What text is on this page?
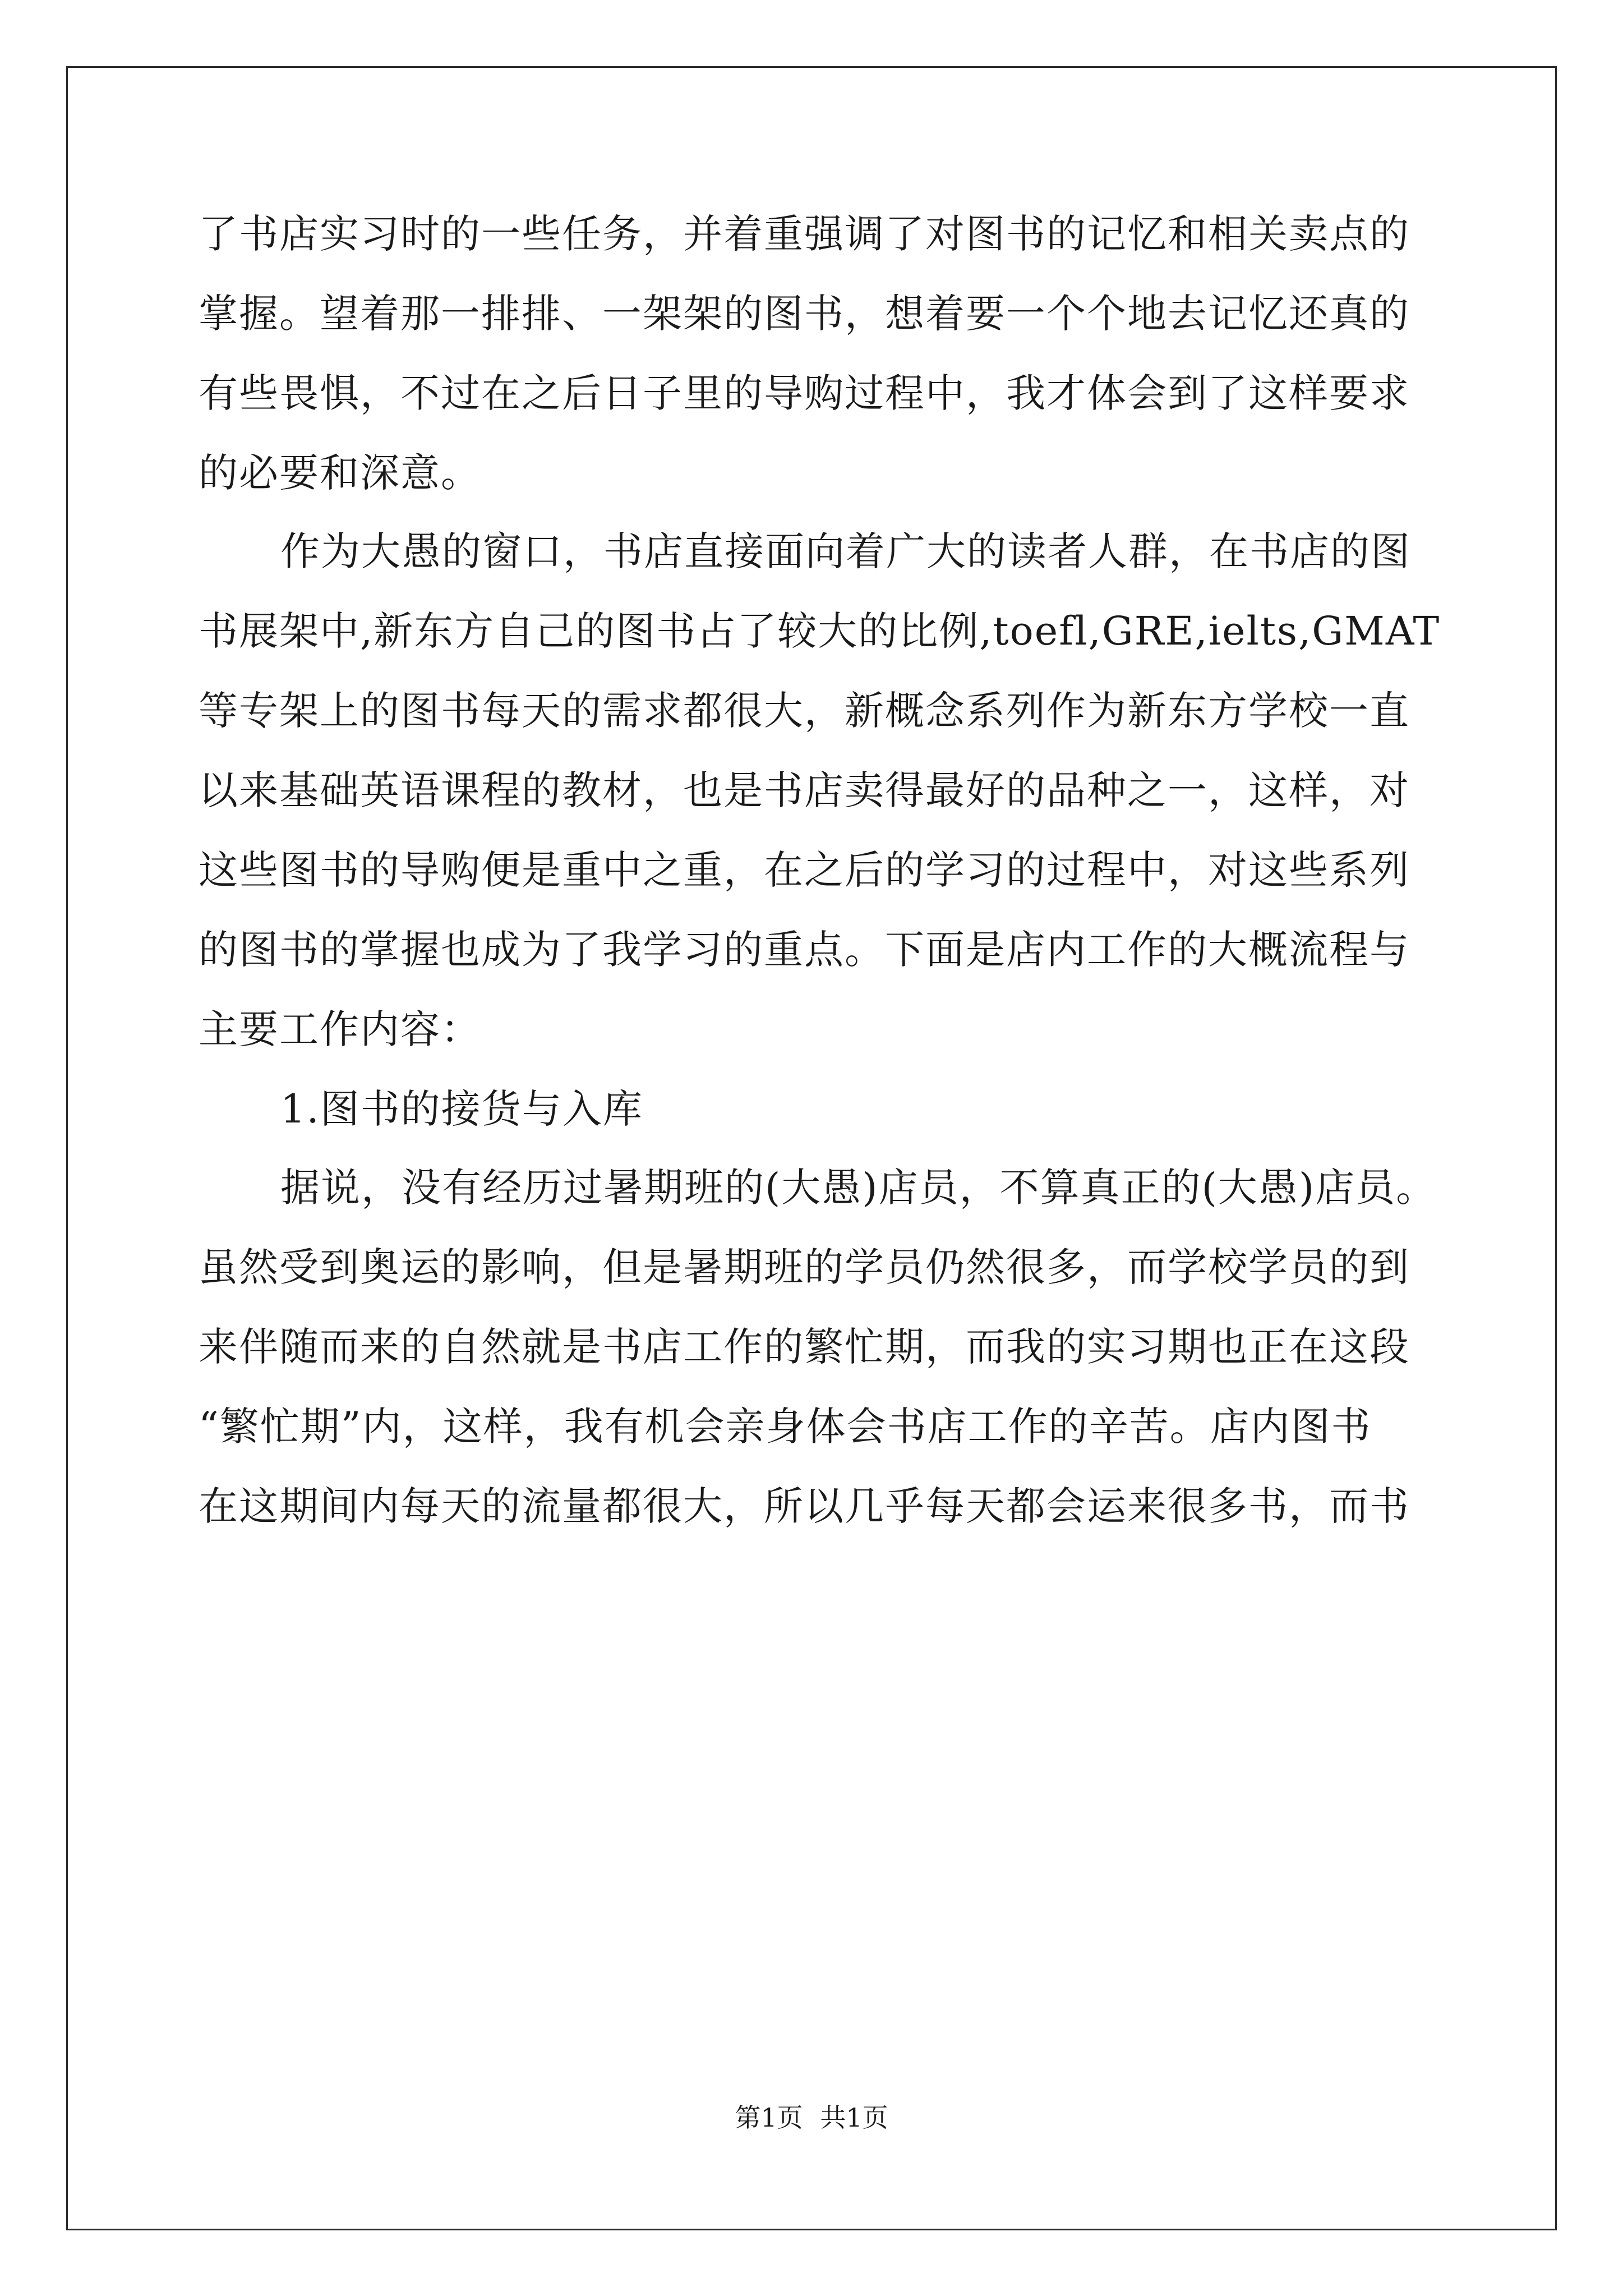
了书店实习时的一些任务，并着重强调了对图书的记忆和相关卖点的
掌握。望着那一排排、一架架的图书，想着要一个个地去记忆还真的
有些畏惧，不过在之后日子里的导购过程中，我才体会到了这样要求
的必要和深意。
作为大愚的窗口，书店直接面向着广大的读者人群，在书店的图
书展架中,新东方自己的图书占了较大的比例,toefl,GRE,ielts,GMAT
等专架上的图书每天的需求都很大，新概念系列作为新东方学校一直
以来基础英语课程的教材，也是书店卖得最好的品种之一，这样，对
这些图书的导购便是重中之重，在之后的学习的过程中，对这些系列
的图书的掌握也成为了我学习的重点。下面是店内工作的大概流程与
主要工作内容：
1.图书的接货与入库
据说，没有经历过暑期班的(大愚)店员，不算真正的(大愚)店员。
虽然受到奥运的影响，但是暑期班的学员仍然很多，而学校学员的到
来伴随而来的自然就是书店工作的繁忙期，而我的实习期也正在这段
“繁忙期”内，这样，我有机会亲身体会书店工作的辛苦。店内图书
在这期间内每天的流量都很大，所以几乎每天都会运来很多书，而书
第1页 共1页
